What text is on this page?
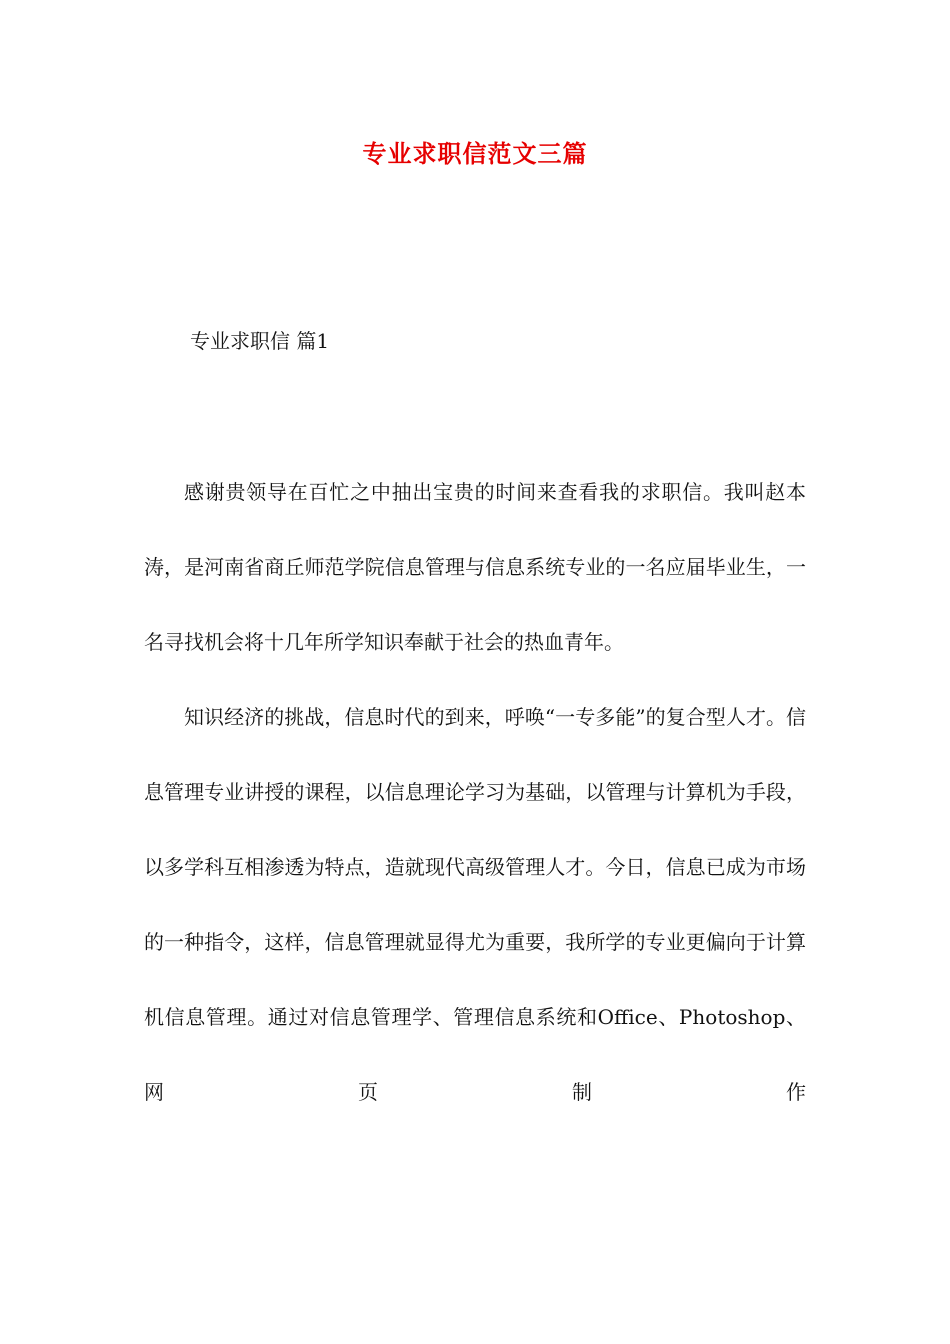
专业求职信范文三篇
专业求职信 篇1

感谢贵领导在百忙之中抽出宝贵的时间来查看我的求职信。我叫赵本涛，是河南省商丘师范学院信息管理与信息系统专业的一名应届毕业生，一名寻找机会将十几年所学知识奉献于社会的热血青年。

知识经济的挑战，信息时代的到来，呼唤“一专多能”的复合型人才。信息管理专业讲授的课程，以信息理论学习为基础，以管理与计算机为手段，以多学科互相渗透为特点，造就现代高级管理人才。今日，信息已成为市场的一种指令，这样，信息管理就显得尤为重要，我所学的专业更偏向于计算机信息管理。通过对信息管理学、管理信息系统和Office、Photoshop、网页制作
